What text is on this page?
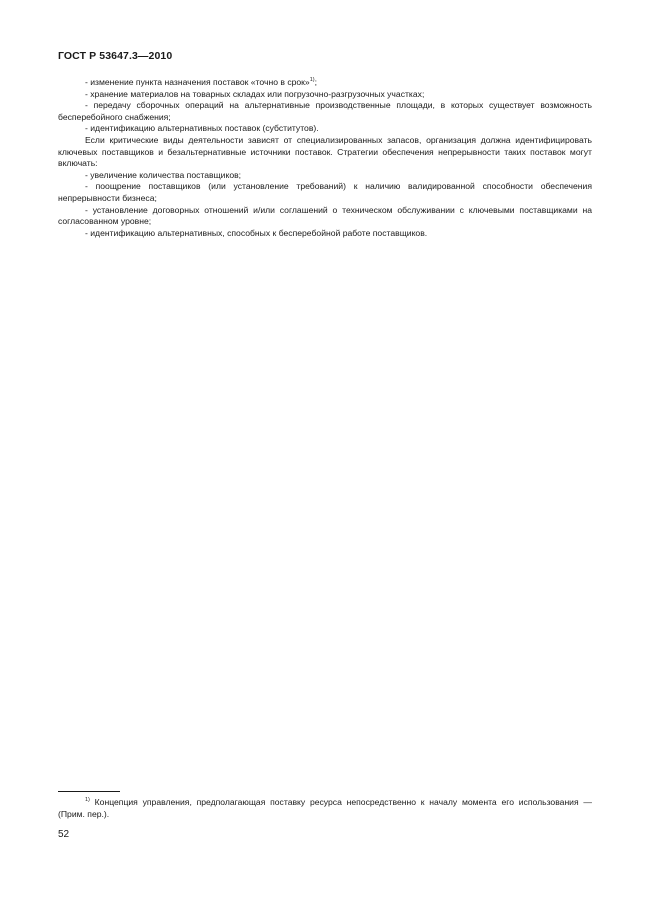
ГОСТ Р 53647.3—2010

- изменение пункта назначения поставок «точно в срок»$^{1)}$;

- хранение материалов на товарных складах или погрузочно-разгрузочных участках;

- передачу сборочных операций на альтернативные производственные площади, в которых существует возможность бесперебойного снабжения;

- идентификацию альтернативных поставок (субститутов).

Если критические виды деятельности зависят от специализированных запасов, организация должна идентифицировать ключевых поставщиков и безальтернативные источники поставок. Стратегии обеспечения непрерывности таких поставок могут включать:

- увеличение количества поставщиков;

- поощрение поставщиков (или установление требований) к наличию валидированной способности обеспечения непрерывности бизнеса;

- установление договорных отношений и/или соглашений о техническом обслуживании с ключевыми поставщиками на согласованном уровне;

- идентификацию альтернативных, способных к бесперебойной работе поставщиков.

$^{1)}$ Концепция управления, предполагающая поставку ресурса непосредственно к началу момента его использования — (Прим. пер.).

52
